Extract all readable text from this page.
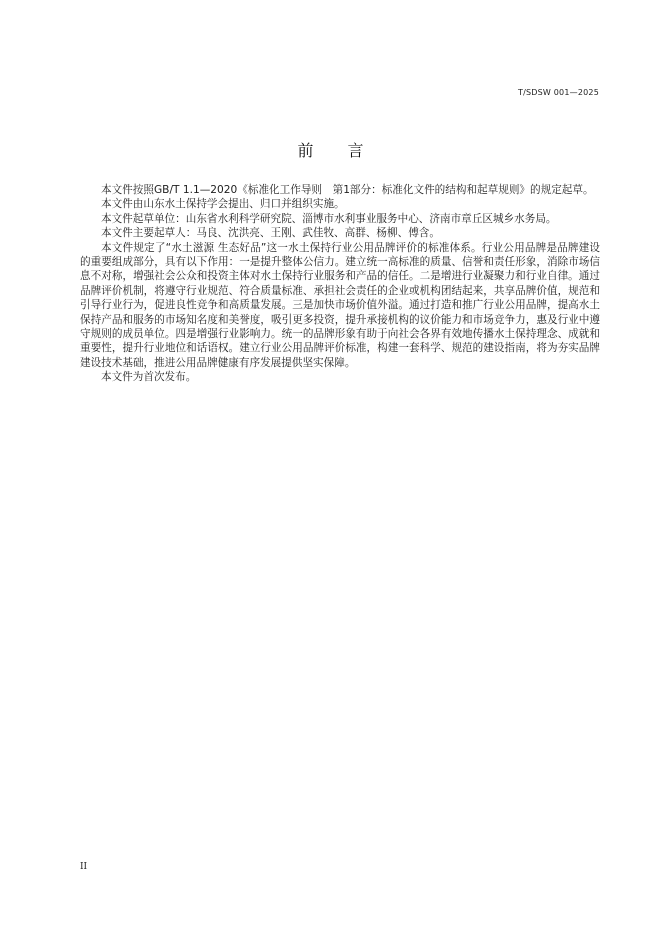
T/SDSW 001—2025
前言

本文件按照GB/T 1.1—2020《标准化工作导则　第1部分：标准化文件的结构和起草规则》的规定起草。

本文件由山东水土保持学会提出、归口并组织实施。

本文件起草单位：山东省水利科学研究院、淄博市水利事业服务中心、济南市章丘区城乡水务局。

本文件主要起草人：马良、沈洪亮、王刚、武佳牧、高群、杨柳、傅含。

本文件规定了“水土滋源 生态好品”这一水土保持行业公用品牌评价的标准体系。行业公用品牌是品牌建设的重要组成部分，具有以下作用：一是提升整体公信力。建立统一高标准的质量、信誉和责任形象，消除市场信息不对称，增强社会公众和投资主体对水土保持行业服务和产品的信任。二是增进行业凝聚力和行业自律。通过品牌评价机制，将遵守行业规范、符合质量标准、承担社会责任的企业或机构团结起来，共享品牌价值，规范和引导行业行为，促进良性竞争和高质量发展。三是加快市场价值外溢。通过打造和推广行业公用品牌，提高水土保持产品和服务的市场知名度和美誉度，吸引更多投资，提升承接机构的议价能力和市场竞争力，惠及行业中遵守规则的成员单位。四是增强行业影响力。统一的品牌形象有助于向社会各界有效地传播水土保持理念、成就和重要性，提升行业地位和话语权。建立行业公用品牌评价标准，构建一套科学、规范的建设指南，将为夯实品牌建设技术基础，推进公用品牌健康有序发展提供坚实保障。

本文件为首次发布。

II
